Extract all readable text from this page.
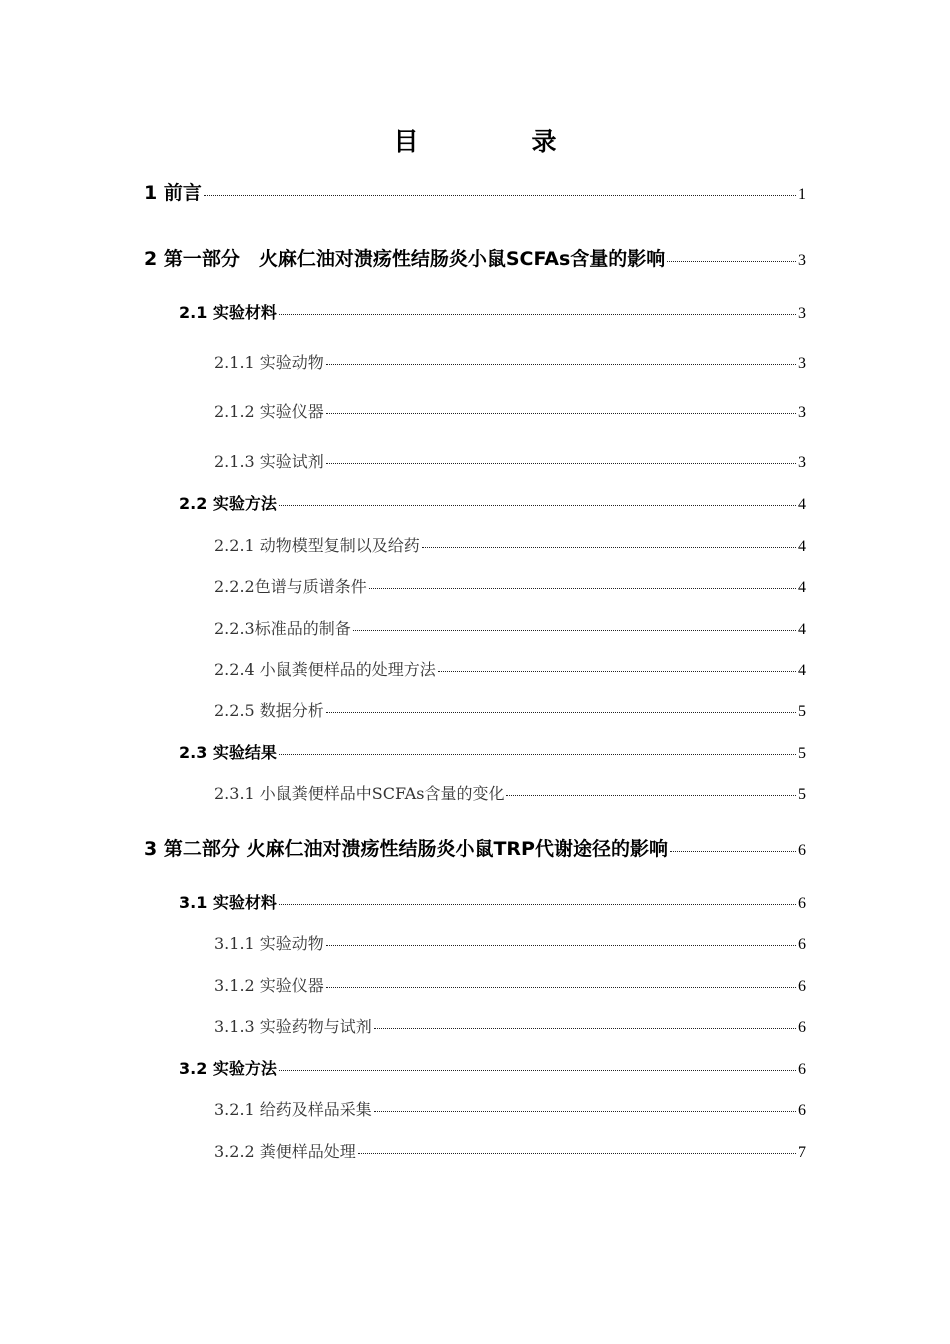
目　录
1 前言	1
2 第一部分　火麻仁油对溃疡性结肠炎小鼠SCFAs含量的影响	3
2.1 实验材料	3
2.1.1 实验动物	3
2.1.2 实验仪器	3
2.1.3 实验试剂	3
2.2 实验方法	4
2.2.1 动物模型复制以及给药	4
2.2.2色谱与质谱条件	4
2.2.3标准品的制备	4
2.2.4 小鼠粪便样品的处理方法	4
2.2.5 数据分析	5
2.3 实验结果	5
2.3.1 小鼠粪便样品中SCFAs含量的变化	5
3 第二部分 火麻仁油对溃疡性结肠炎小鼠TRP代谢途径的影响	6
3.1 实验材料	6
3.1.1 实验动物	6
3.1.2 实验仪器	6
3.1.3 实验药物与试剂	6
3.2 实验方法	6
3.2.1 给药及样品采集	6
3.2.2 粪便样品处理	7
